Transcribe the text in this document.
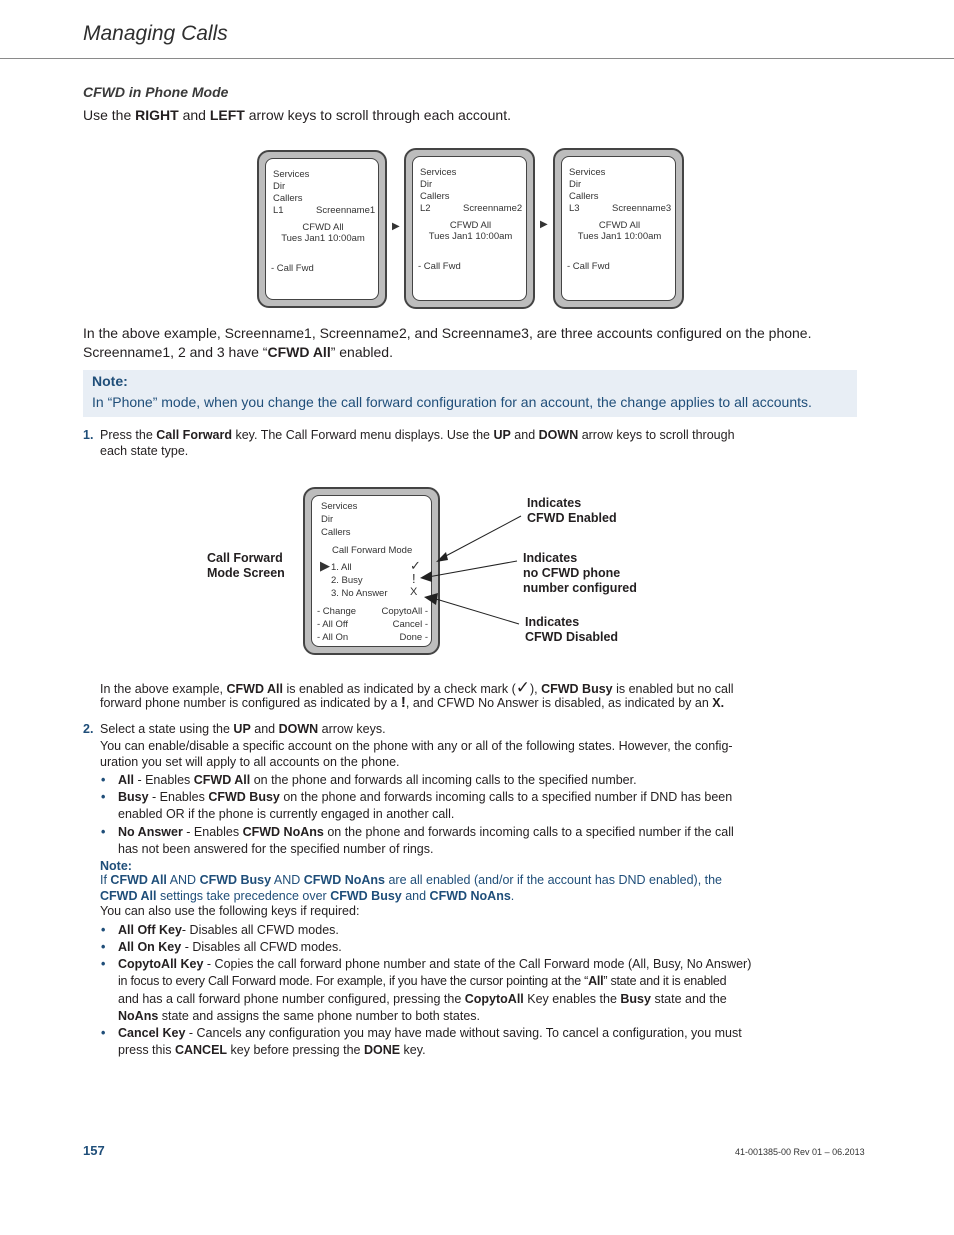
Managing Calls
CFWD in Phone Mode
Use the RIGHT and LEFT arrow keys to scroll through each account.
Services
Dir
Callers
L1	Screenname1
CFWD All
Tues Jan1 10:00am
- Call Fwd
▶
Services
Dir
Callers
L2	Screenname2
CFWD All
Tues Jan1 10:00am
- Call Fwd
▶
Services
Dir
Callers
L3	Screenname3
CFWD All
Tues Jan1 10:00am
- Call Fwd
In the above example, Screenname1, Screenname2, and Screenname3, are three accounts configured on the phone.
Screenname1, 2 and 3 have “CFWD All” enabled.
Note:
In “Phone” mode, when you change the call forward configuration for an account, the change applies to all accounts.
1. Press the Call Forward key. The Call Forward menu displays. Use the UP and DOWN arrow keys to scroll through
each state type.
Call Forward
Mode Screen
Services
Dir
Callers
Call Forward Mode
▶ 1. All	✓
2. Busy	!
3. No Answer X
- Change
- All Off
- All On
CopytoAll -
Cancel -
Done -
Indicates
CFWD Enabled
Indicates
no CFWD phone
number configured
Indicates
CFWD Disabled
In the above example, CFWD All is enabled as indicated by a check mark (✓), CFWD Busy is enabled but no call
forward phone number is configured as indicated by a !, and CFWD No Answer is disabled, as indicated by an X.
2. Select a state using the UP and DOWN arrow keys.
You can enable/disable a specific account on the phone with any or all of the following states. However, the config-
uration you set will apply to all accounts on the phone.
• All - Enables CFWD All on the phone and forwards all incoming calls to the specified number.
• Busy - Enables CFWD Busy on the phone and forwards incoming calls to a specified number if DND has been
enabled OR if the phone is currently engaged in another call.
• No Answer - Enables CFWD NoAns on the phone and forwards incoming calls to a specified number if the call
has not been answered for the specified number of rings.
Note:
If CFWD All AND CFWD Busy AND CFWD NoAns are all enabled (and/or if the account has DND enabled), the
CFWD All settings take precedence over CFWD Busy and CFWD NoAns.
You can also use the following keys if required:
• All Off Key- Disables all CFWD modes.
• All On Key - Disables all CFWD modes.
• CopytoAll Key - Copies the call forward phone number and state of the Call Forward mode (All, Busy, No Answer)
in focus to every Call Forward mode. For example, if you have the cursor pointing at the “All” state and it is enabled
and has a call forward phone number configured, pressing the CopytoAll Key enables the Busy state and the
NoAns state and assigns the same phone number to both states.
• Cancel Key - Cancels any configuration you may have made without saving. To cancel a configuration, you must
press this CANCEL key before pressing the DONE key.
157	41-001385-00 Rev 01 – 06.2013
